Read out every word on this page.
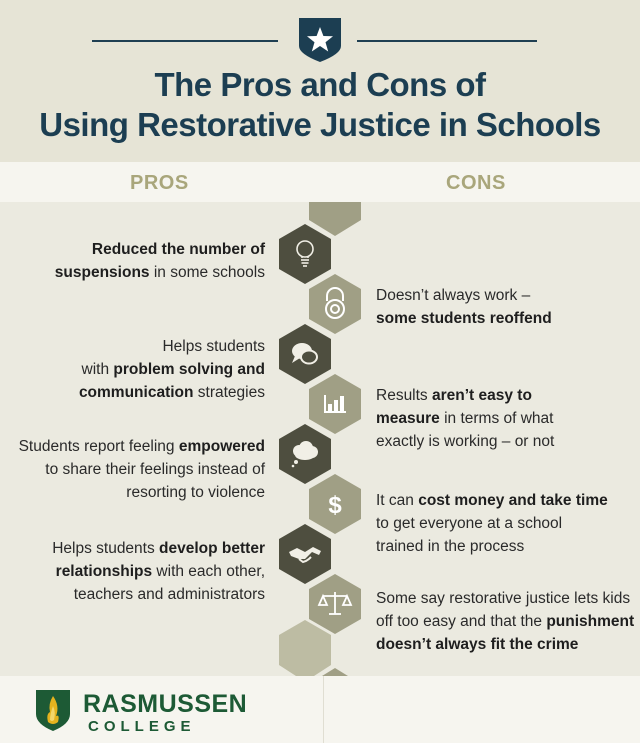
The Pros and Cons of
Using Restorative Justice in Schools
PROS	CONS
$
Reduced the number of
suspensions in some schools
Helps students
with problem solving and
communication strategies
Students report feeling empowered
to share their feelings instead of
resorting to violence
Helps students develop better
relationships with each other,
teachers and administrators
Doesn’t always work –
some students reoffend
Results aren’t easy to
measure in terms of what
exactly is working – or not
It can cost money and take time
to get everyone at a school
trained in the process
Some say restorative justice lets kids
off too easy and that the punishment
doesn’t always fit the crime
RASMUSSEN
COLLEGE
